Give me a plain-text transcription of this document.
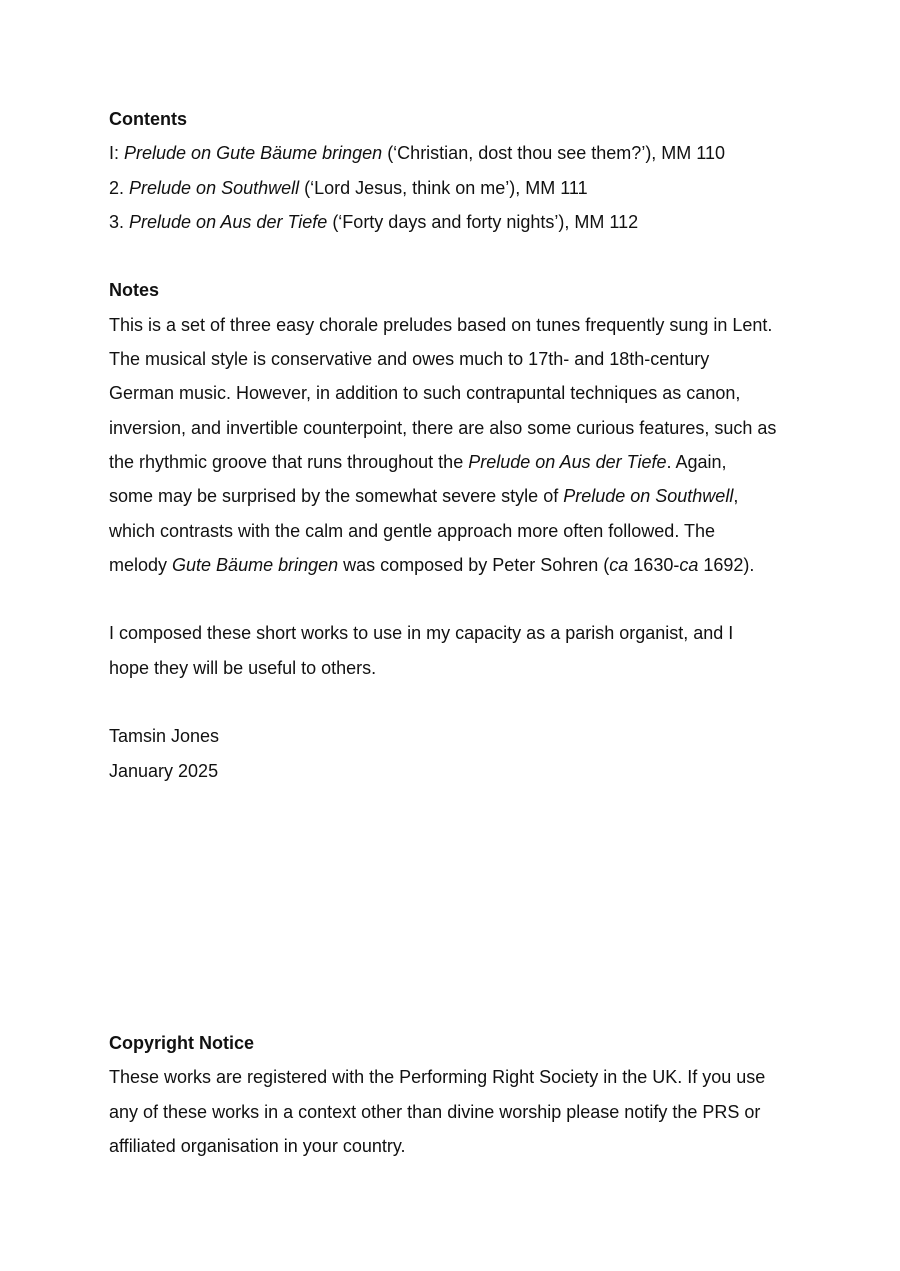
Contents

I: Prelude on Gute Bäume bringen (‘Christian, dost thou see them?’), MM 110

2. Prelude on Southwell (‘Lord Jesus, think on me’), MM 111

3. Prelude on Aus der Tiefe (‘Forty days and forty nights’), MM 112

Notes

This is a set of three easy chorale preludes based on tunes frequently sung in Lent.

The musical style is conservative and owes much to 17th- and 18th-century

German music. However, in addition to such contrapuntal techniques as canon,

inversion, and invertible counterpoint, there are also some curious features, such as

the rhythmic groove that runs throughout the Prelude on Aus der Tiefe. Again,

some may be surprised by the somewhat severe style of Prelude on Southwell,

which contrasts with the calm and gentle approach more often followed. The

melody Gute Bäume bringen was composed by Peter Sohren (ca 1630-ca 1692).

I composed these short works to use in my capacity as a parish organist, and I

hope they will be useful to others.

Tamsin Jones

January 2025

Copyright Notice

These works are registered with the Performing Right Society in the UK. If you use

any of these works in a context other than divine worship please notify the PRS or

affiliated organisation in your country.
